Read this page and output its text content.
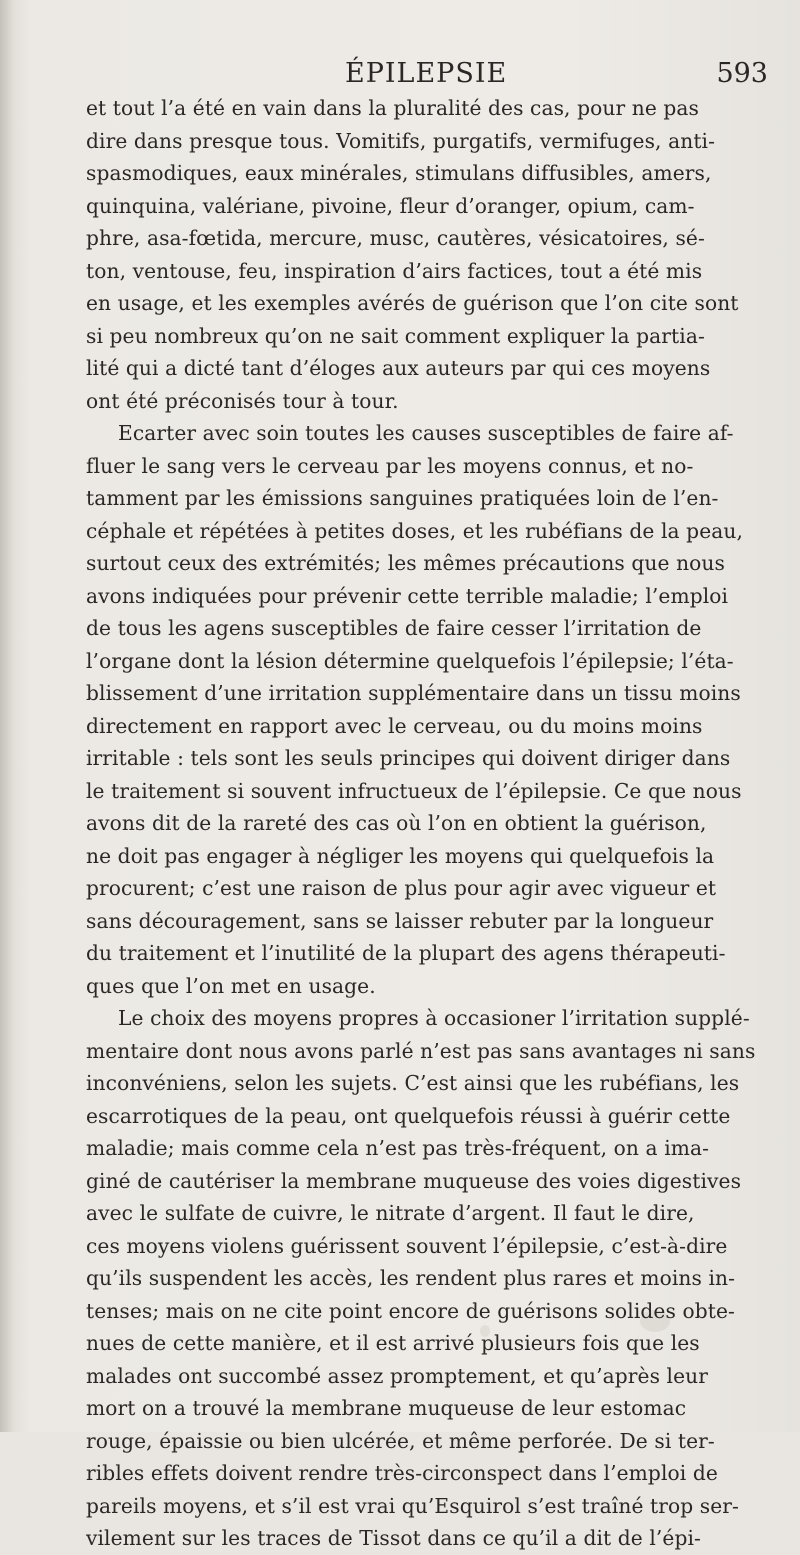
ÉPILEPSIE	593
et tout l’a été en vain dans la pluralité des cas, pour ne pas
dire dans presque tous. Vomitifs, purgatifs, vermifuges, anti-
spasmodiques, eaux minérales, stimulans diffusibles, amers,
quinquina, valériane, pivoine, fleur d’oranger, opium, cam-
phre, asa-fœtida, mercure, musc, cautères, vésicatoires, sé-
ton, ventouse, feu, inspiration d’airs factices, tout a été mis
en usage, et les exemples avérés de guérison que l’on cite sont
si peu nombreux qu’on ne sait comment expliquer la partia-
lité qui a dicté tant d’éloges aux auteurs par qui ces moyens
ont été préconisés tour à tour.
Ecarter avec soin toutes les causes susceptibles de faire af-
fluer le sang vers le cerveau par les moyens connus, et no-
tamment par les émissions sanguines pratiquées loin de l’en-
céphale et répétées à petites doses, et les rubéfians de la peau,
surtout ceux des extrémités; les mêmes précautions que nous
avons indiquées pour prévenir cette terrible maladie; l’emploi
de tous les agens susceptibles de faire cesser l’irritation de
l’organe dont la lésion détermine quelquefois l’épilepsie; l’éta-
blissement d’une irritation supplémentaire dans un tissu moins
directement en rapport avec le cerveau, ou du moins moins
irritable : tels sont les seuls principes qui doivent diriger dans
le traitement si souvent infructueux de l’épilepsie. Ce que nous
avons dit de la rareté des cas où l’on en obtient la guérison,
ne doit pas engager à négliger les moyens qui quelquefois la
procurent; c’est une raison de plus pour agir avec vigueur et
sans découragement, sans se laisser rebuter par la longueur
du traitement et l’inutilité de la plupart des agens thérapeuti-
ques que l’on met en usage.
Le choix des moyens propres à occasioner l’irritation supplé-
mentaire dont nous avons parlé n’est pas sans avantages ni sans
inconvéniens, selon les sujets. C’est ainsi que les rubéfians, les
escarrotiques de la peau, ont quelquefois réussi à guérir cette
maladie; mais comme cela n’est pas très-fréquent, on a ima-
giné de cautériser la membrane muqueuse des voies digestives
avec le sulfate de cuivre, le nitrate d’argent. Il faut le dire,
ces moyens violens guérissent souvent l’épilepsie, c’est-à-dire
qu’ils suspendent les accès, les rendent plus rares et moins in-
tenses; mais on ne cite point encore de guérisons solides obte-
nues de cette manière, et il est arrivé plusieurs fois que les
malades ont succombé assez promptement, et qu’après leur
mort on a trouvé la membrane muqueuse de leur estomac
rouge, épaissie ou bien ulcérée, et même perforée. De si ter-
ribles effets doivent rendre très-circonspect dans l’emploi de
pareils moyens, et s’il est vrai qu’Esquirol s’est traîné trop ser-
vilement sur les traces de Tissot dans ce qu’il a dit de l’épi-
